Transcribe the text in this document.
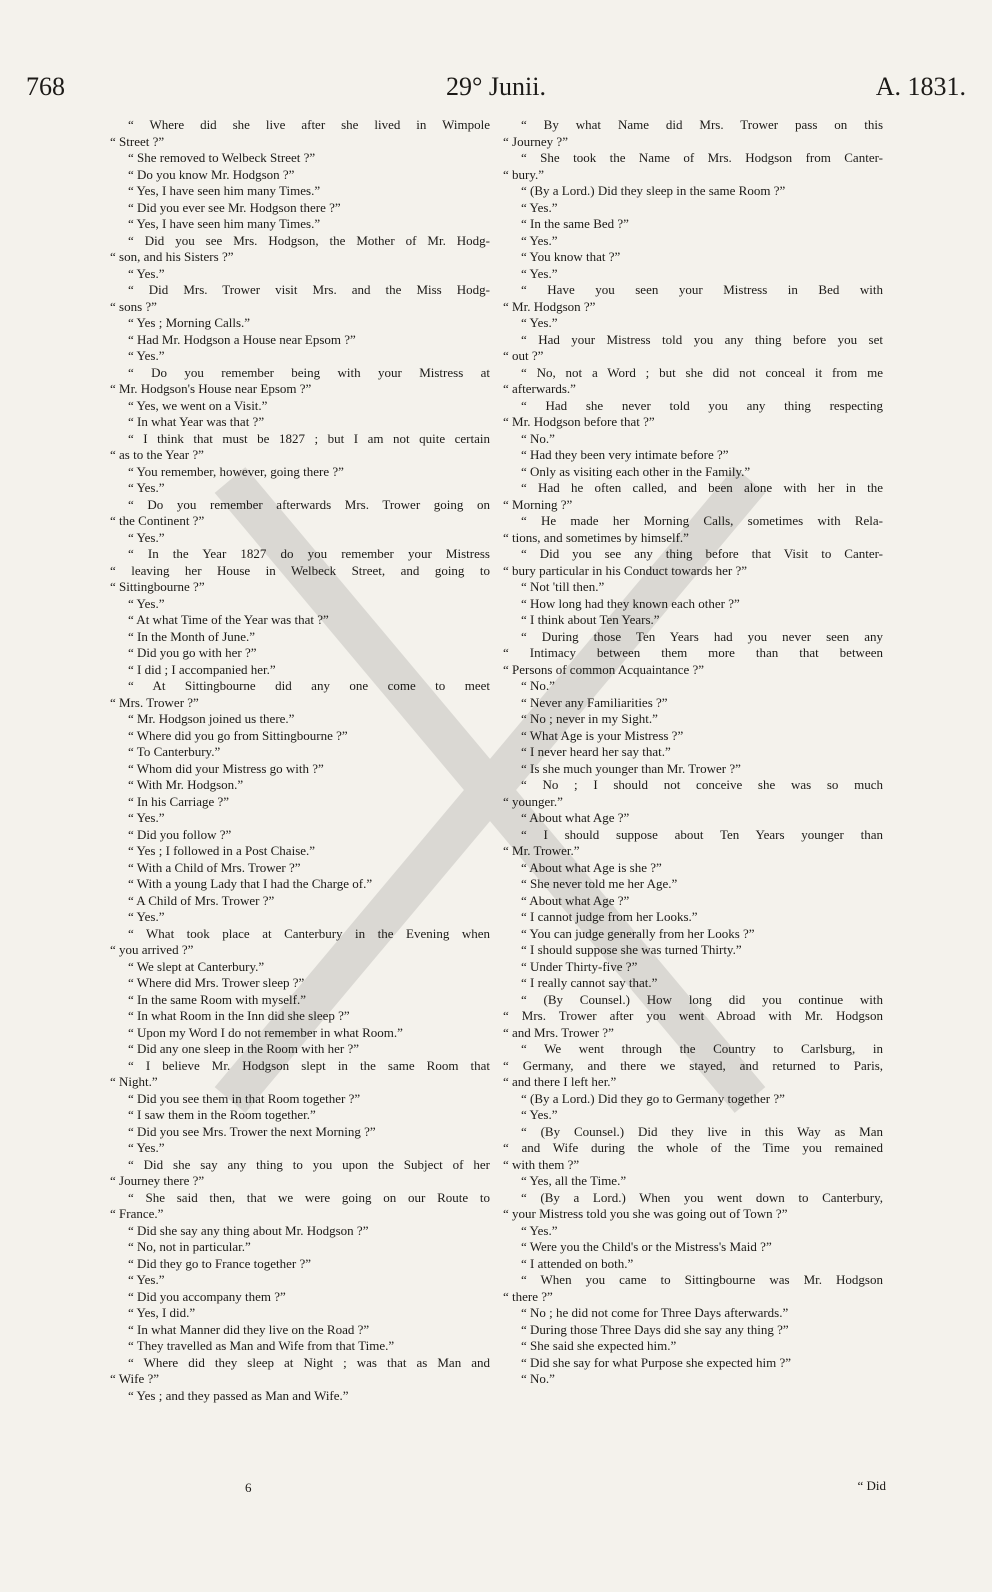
29° Junii.
768	A. 1831.
“ Where did she live after she lived in Wimpole
“ Street ?”
“ She removed to Welbeck Street ?”
“ Do you know Mr. Hodgson ?”
“ Yes, I have seen him many Times.”
“ Did you ever see Mr. Hodgson there ?”
“ Yes, I have seen him many Times.”
“ Did you see Mrs. Hodgson, the Mother of Mr. Hodg-
“ son, and his Sisters ?”
“ Yes.”
“ Did Mrs. Trower visit Mrs. and the Miss Hodg-
“ sons ?”
“ Yes ; Morning Calls.”
“ Had Mr. Hodgson a House near Epsom ?”
“ Yes.”
“ Do you remember being with your Mistress at
“ Mr. Hodgson's House near Epsom ?”
“ Yes, we went on a Visit.”
“ In what Year was that ?”
“ I think that must be 1827 ; but I am not quite certain
“ as to the Year ?”
“ You remember, however, going there ?”
“ Yes.”
“ Do you remember afterwards Mrs. Trower going on
“ the Continent ?”
“ Yes.”
“ In the Year 1827 do you remember your Mistress
“ leaving her House in Welbeck Street, and going to
“ Sittingbourne ?”
“ Yes.”
“ At what Time of the Year was that ?”
“ In the Month of June.”
“ Did you go with her ?”
“ I did ; I accompanied her.”
“ At Sittingbourne did any one come to meet
“ Mrs. Trower ?”
“ Mr. Hodgson joined us there.”
“ Where did you go from Sittingbourne ?”
“ To Canterbury.”
“ Whom did your Mistress go with ?”
“ With Mr. Hodgson.”
“ In his Carriage ?”
“ Yes.”
“ Did you follow ?”
“ Yes ; I followed in a Post Chaise.”
“ With a Child of Mrs. Trower ?”
“ With a young Lady that I had the Charge of.”
“ A Child of Mrs. Trower ?”
“ Yes.”
“ What took place at Canterbury in the Evening when
“ you arrived ?”
“ We slept at Canterbury.”
“ Where did Mrs. Trower sleep ?”
“ In the same Room with myself.”
“ In what Room in the Inn did she sleep ?”
“ Upon my Word I do not remember in what Room.”
“ Did any one sleep in the Room with her ?”
“ I believe Mr. Hodgson slept in the same Room that
“ Night.”
“ Did you see them in that Room together ?”
“ I saw them in the Room together.”
“ Did you see Mrs. Trower the next Morning ?”
“ Yes.”
“ Did she say any thing to you upon the Subject of her
“ Journey there ?”
“ She said then, that we were going on our Route to
“ France.”
“ Did she say any thing about Mr. Hodgson ?”
“ No, not in particular.”
“ Did they go to France together ?”
“ Yes.”
“ Did you accompany them ?”
“ Yes, I did.”
“ In what Manner did they live on the Road ?”
“ They travelled as Man and Wife from that Time.”
“ Where did they sleep at Night ; was that as Man and
“ Wife ?”
“ Yes ; and they passed as Man and Wife.”
“ By what Name did Mrs. Trower pass on this
“ Journey ?”
“ She took the Name of Mrs. Hodgson from Canter-
“ bury.”
“ (By a Lord.) Did they sleep in the same Room ?”
“ Yes.”
“ In the same Bed ?”
“ Yes.”
“ You know that ?”
“ Yes.”
“ Have you seen your Mistress in Bed with
“ Mr. Hodgson ?”
“ Yes.”
“ Had your Mistress told you any thing before you set
“ out ?”
“ No, not a Word ; but she did not conceal it from me
“ afterwards.”
“ Had she never told you any thing respecting
“ Mr. Hodgson before that ?”
“ No.”
“ Had they been very intimate before ?”
“ Only as visiting each other in the Family.”
“ Had he often called, and been alone with her in the
“ Morning ?”
“ He made her Morning Calls, sometimes with Rela-
“ tions, and sometimes by himself.”
“ Did you see any thing before that Visit to Canter-
“ bury particular in his Conduct towards her ?”
“ Not 'till then.”
“ How long had they known each other ?”
“ I think about Ten Years.”
“ During those Ten Years had you never seen any
“ Intimacy between them more than that between
“ Persons of common Acquaintance ?”
“ No.”
“ Never any Familiarities ?”
“ No ; never in my Sight.”
“ What Age is your Mistress ?”
“ I never heard her say that.”
“ Is she much younger than Mr. Trower ?”
“ No ; I should not conceive she was so much
“ younger.”
“ About what Age ?”
“ I should suppose about Ten Years younger than
“ Mr. Trower.”
“ About what Age is she ?”
“ She never told me her Age.”
“ About what Age ?”
“ I cannot judge from her Looks.”
“ You can judge generally from her Looks ?”
“ I should suppose she was turned Thirty.”
“ Under Thirty-five ?”
“ I really cannot say that.”
“ (By Counsel.) How long did you continue with
“ Mrs. Trower after you went Abroad with Mr. Hodgson
“ and Mrs. Trower ?”
“ We went through the Country to Carlsburg, in
“ Germany, and there we stayed, and returned to Paris,
“ and there I left her.”
“ (By a Lord.) Did they go to Germany together ?”
“ Yes.”
“ (By Counsel.) Did they live in this Way as Man
“ and Wife during the whole of the Time you remained
“ with them ?”
“ Yes, all the Time.”
“ (By a Lord.) When you went down to Canterbury,
“ your Mistress told you she was going out of Town ?”
“ Yes.”
“ Were you the Child's or the Mistress's Maid ?”
“ I attended on both.”
“ When you came to Sittingbourne was Mr. Hodgson
“ there ?”
“ No ; he did not come for Three Days afterwards.”
“ During those Three Days did she say any thing ?”
“ She said she expected him.”
“ Did she say for what Purpose she expected him ?”
“ No.”
6	“ Did
